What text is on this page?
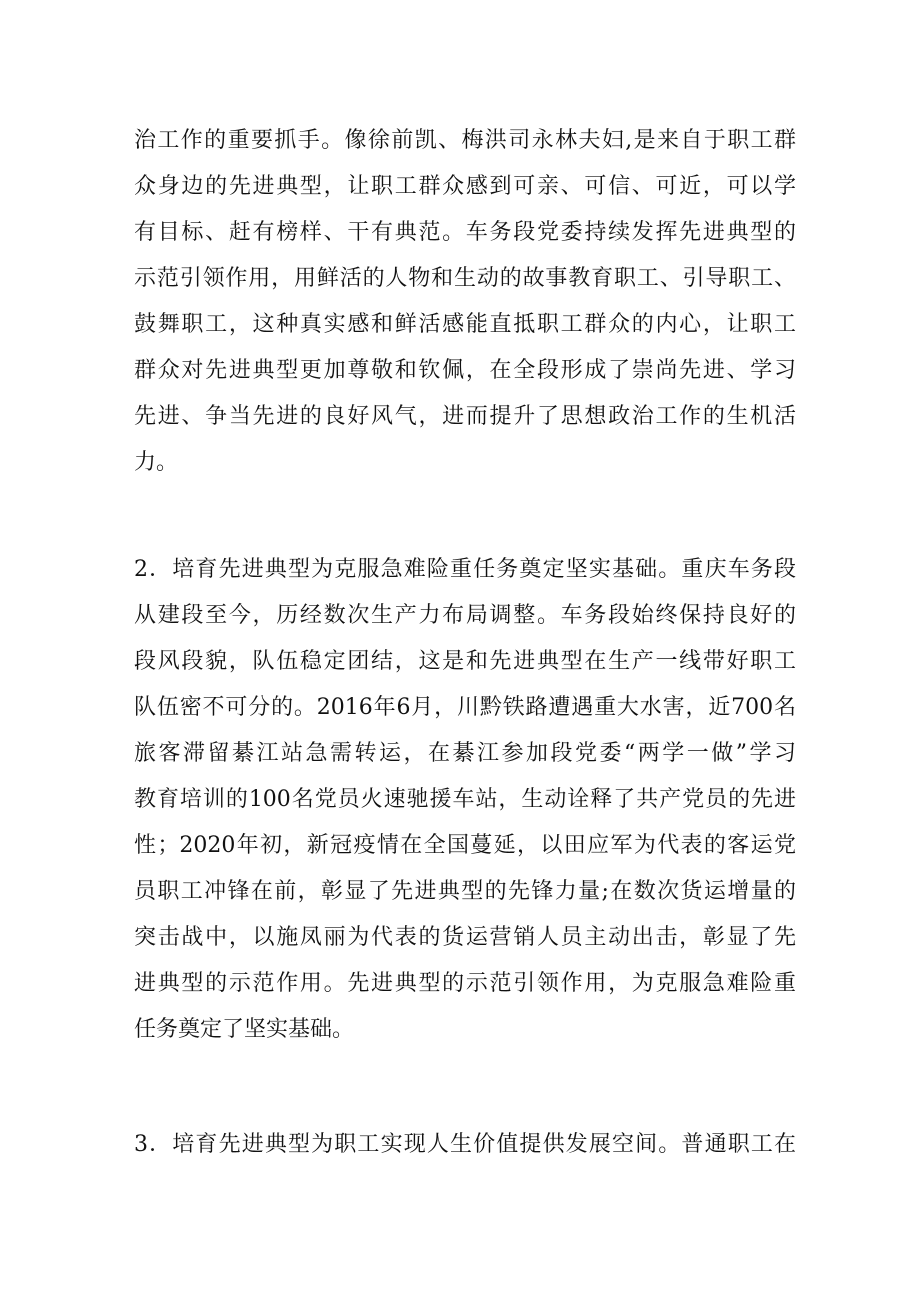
治工作的重要抓手。像徐前凯、梅洪司永林夫妇,是来自于职工群
众身边的先进典型，让职工群众感到可亲、可信、可近，可以学
有目标、赶有榜样、干有典范。车务段党委持续发挥先进典型的
示范引领作用，用鲜活的人物和生动的故事教育职工、引导职工、
鼓舞职工，这种真实感和鲜活感能直抵职工群众的内心，让职工
群众对先进典型更加尊敬和钦佩，在全段形成了崇尚先进、学习
先进、争当先进的良好风气，进而提升了思想政治工作的生机活
力。
2．培育先进典型为克服急难险重任务奠定坚实基础。重庆车务段
从建段至今，历经数次生产力布局调整。车务段始终保持良好的
段风段貌，队伍稳定团结，这是和先进典型在生产一线带好职工
队伍密不可分的。2016年6月，川黔铁路遭遇重大水害，近700名
旅客滞留綦江站急需转运，在綦江参加段党委“两学一做”学习
教育培训的100名党员火速驰援车站，生动诠释了共产党员的先进
性；2020年初，新冠疫情在全国蔓延，以田应军为代表的客运党
员职工冲锋在前，彰显了先进典型的先锋力量;在数次货运增量的
突击战中，以施凤丽为代表的货运营销人员主动出击，彰显了先
进典型的示范作用。先进典型的示范引领作用，为克服急难险重
任务奠定了坚实基础。
3．培育先进典型为职工实现人生价值提供发展空间。普通职工在
